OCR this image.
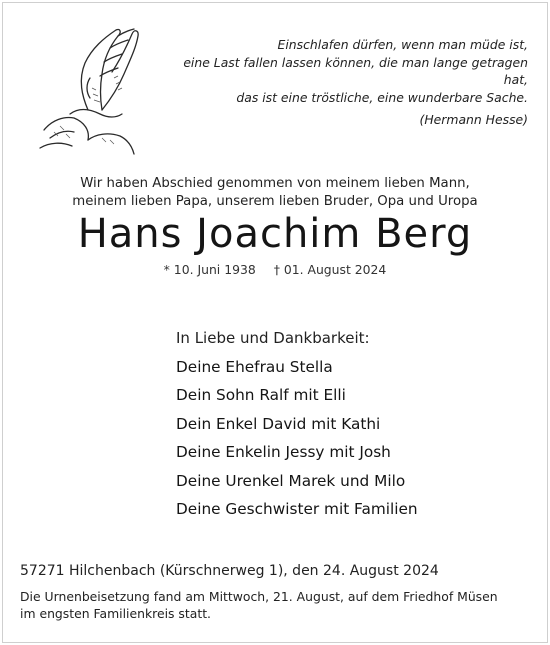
Einschlafen dürfen, wenn man müde ist,
eine Last fallen lassen können, die man lange getragen hat,
das ist eine tröstliche, eine wunderbare Sache.
(Hermann Hesse)
Wir haben Abschied genommen von meinem lieben Mann,
meinem lieben Papa, unserem lieben Bruder, Opa und Uropa
Hans Joachim Berg
* 10. Juni 1938 † 01. August 2024
In Liebe und Dankbarkeit:
Deine Ehefrau Stella
Dein Sohn Ralf mit Elli
Dein Enkel David mit Kathi
Deine Enkelin Jessy mit Josh
Deine Urenkel Marek und Milo
Deine Geschwister mit Familien
57271 Hilchenbach (Kürschnerweg 1), den 24. August 2024
Die Urnenbeisetzung fand am Mittwoch, 21. August, auf dem Friedhof Müsen
im engsten Familienkreis statt.
